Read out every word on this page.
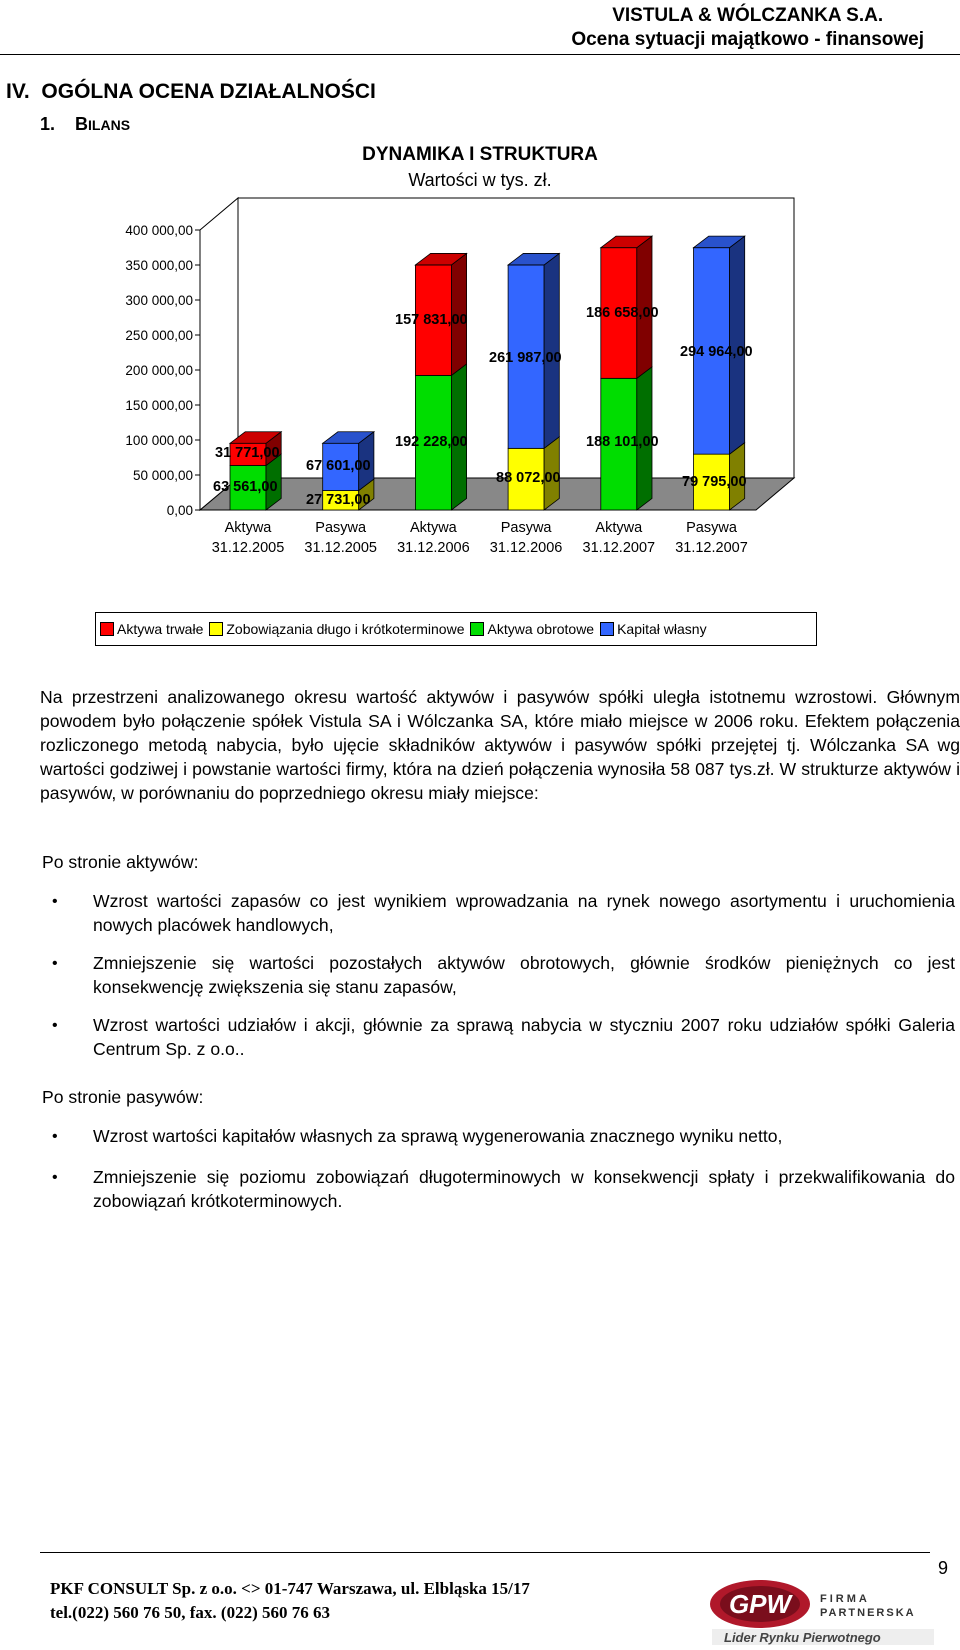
VISTULA & WÓLCZANKA S.A.
Ocena sytuacji majątkowo - finansowej
IV. OGÓLNA OCENA DZIAŁALNOŚCI
1. BILANS
DYNAMIKA I STRUKTURA
Wartości w tys. zł.
0,00
50 000,00
100 000,00
150 000,00
200 000,00
250 000,00
300 000,00
350 000,00
400 000,00
Aktywa
31.12.2005
Pasywa
31.12.2005
Aktywa
31.12.2006
Pasywa
31.12.2006
Aktywa
31.12.2007
Pasywa
31.12.2007
31 771,00
63 561,00
67 601,00
27 731,00
157 831,00
192 228,00
261 987,00
88 072,00
186 658,00
188 101,00
294 964,00
79 795,00
Aktywa trwałe Zobowiązania długo i krótkoterminowe Aktywa obrotowe Kapitał własny
Na przestrzeni analizowanego okresu wartość aktywów i pasywów spółki uległa istotnemu wzrostowi. Głównym powodem było połączenie spółek Vistula SA i Wólczanka SA, które miało miejsce w 2006 roku. Efektem połączenia rozliczonego metodą nabycia, było ujęcie składników aktywów i pasywów spółki przejętej tj. Wólczanka SA wg wartości godziwej i powstanie wartości firmy, która na dzień połączenia wynosiła 58 087 tys.zł. W strukturze aktywów i pasywów, w porównaniu do poprzedniego okresu miały miejsce:
Po stronie aktywów:
• Wzrost wartości zapasów co jest wynikiem wprowadzania na rynek nowego asortymentu i uruchomienia nowych placówek handlowych,
• Zmniejszenie się wartości pozostałych aktywów obrotowych, głównie środków pieniężnych co jest konsekwencję zwiększenia się stanu zapasów,
• Wzrost wartości udziałów i akcji, głównie za sprawą nabycia w styczniu 2007 roku udziałów spółki Galeria Centrum Sp. z o.o..
Po stronie pasywów:
• Wzrost wartości kapitałów własnych za sprawą wygenerowania znacznego wyniku netto,
• Zmniejszenie się poziomu zobowiązań długoterminowych w konsekwencji spłaty i przekwalifikowania do zobowiązań krótkoterminowych.
9
PKF CONSULT Sp. z o.o. <> 01-747 Warszawa, ul. Elbląska 15/17
tel.(022) 560 76 50, fax. (022) 560 76 63	GPW	FIRMA
PARTNERSKA
Lider Rynku Pierwotnego
